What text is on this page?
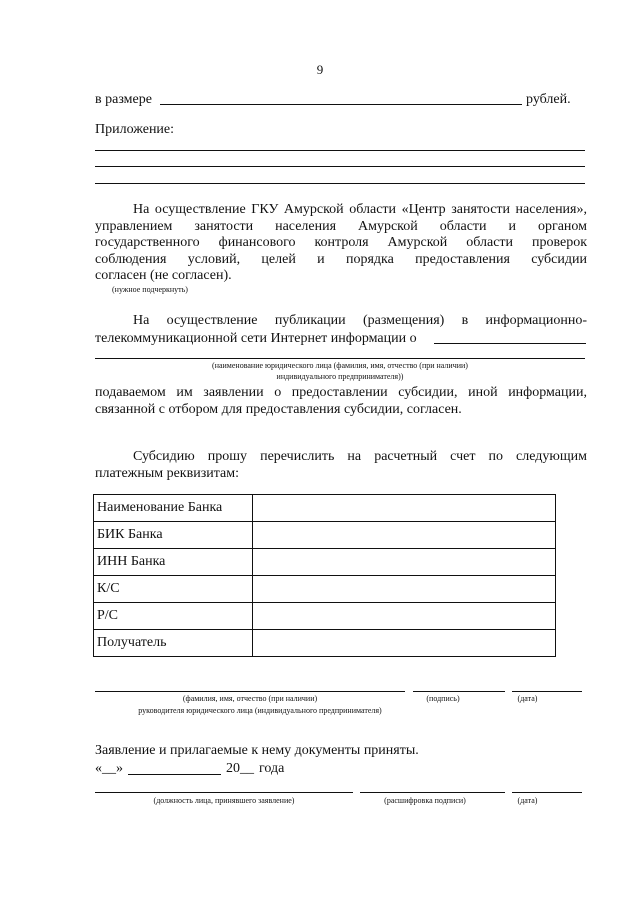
9
в размере	рублей.
Приложение:
На осуществление ГКУ Амурской области «Центр занятости населения»,
управлением занятости населения Амурской области и органом
государственного финансового контроля Амурской области проверок
соблюдения условий, целей и порядка предоставления субсидии
согласен (не согласен).
(нужное подчеркнуть)
На осуществление публикации (размещения) в информационно-
телекоммуникационной сети Интернет информации о
(наименование юридического лица (фамилия, имя, отчество (при наличии)
индивидуального предпринимателя))
подаваемом им заявлении о предоставлении субсидии, иной информации,
связанной с отбором для предоставления субсидии, согласен.
Субсидию прошу перечислить на расчетный счет по следующим
платежным реквизитам:
Наименование Банка	
БИК Банка	
ИНН Банка	
К/С	
Р/С	
Получатель	
(фамилия, имя, отчество (при наличии)	(подпись)	(дата)
руководителя юридического лица (индивидуального предпринимателя)
Заявление и прилагаемые к нему документы приняты.
«__»	20__ года
(должность лица, принявшего заявление)	(расшифровка подписи)	(дата)
